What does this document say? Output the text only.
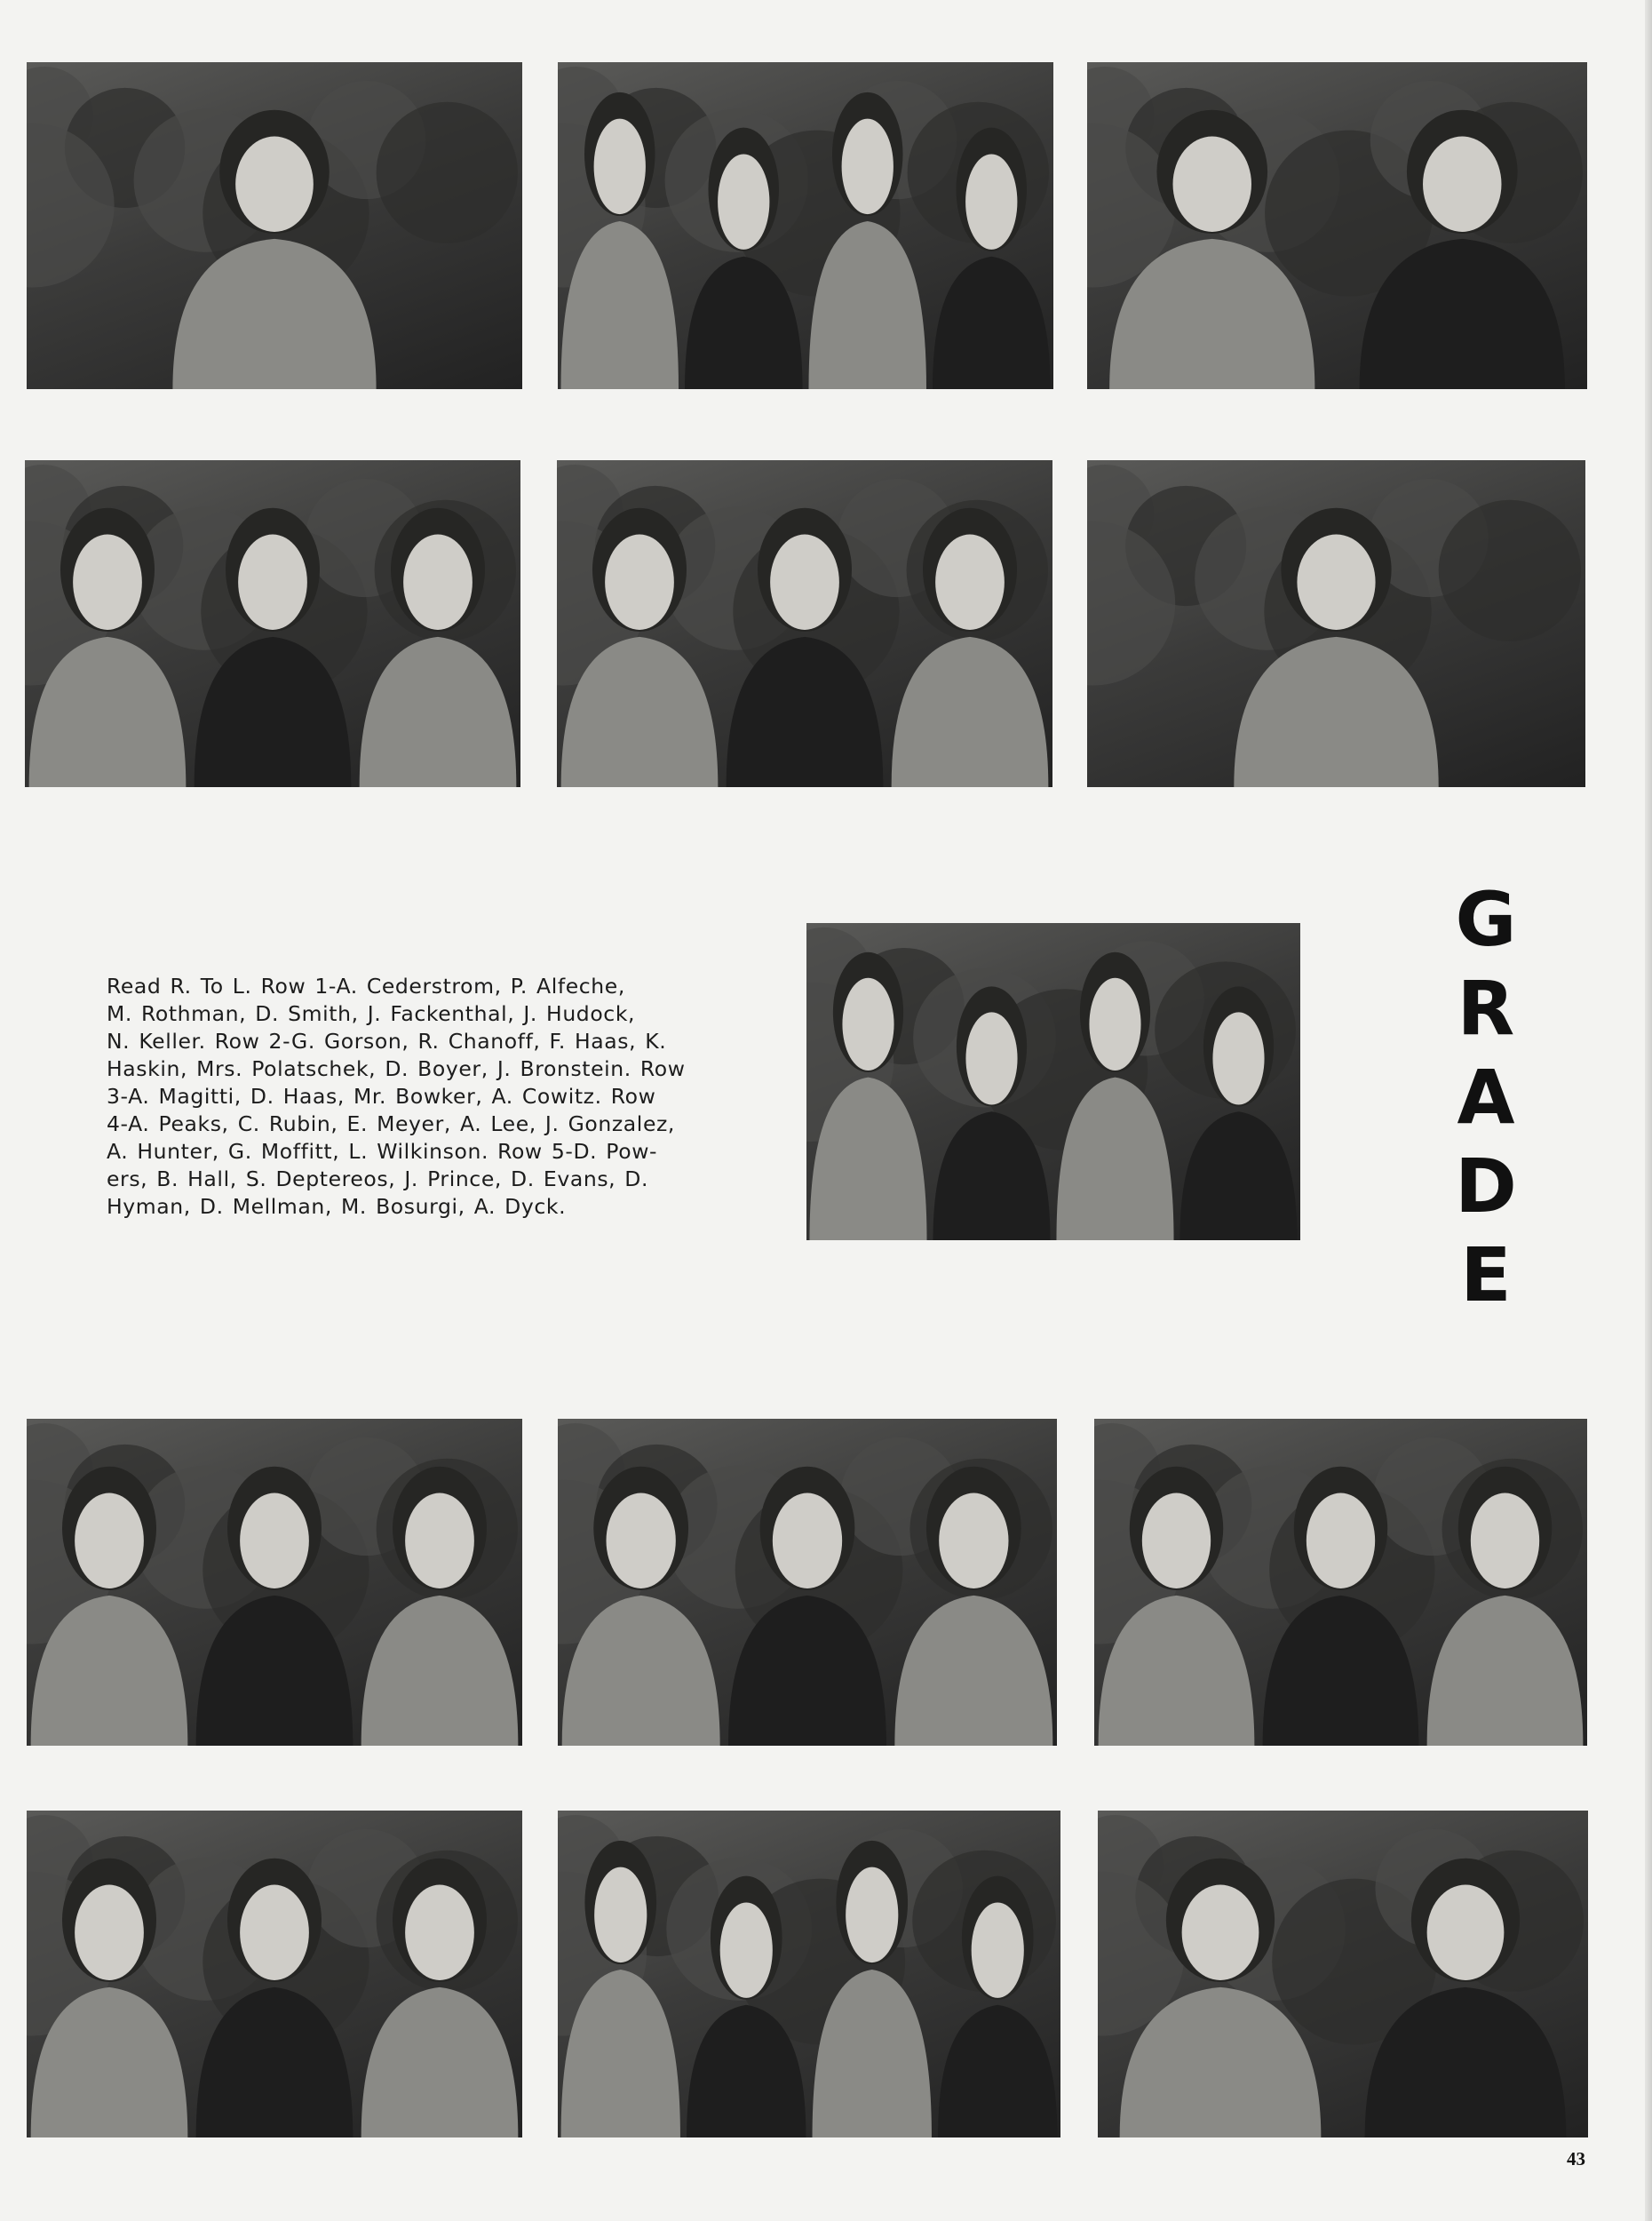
Read R. To L. Row 1-A. Cederstrom, P. Alfeche,
M. Rothman, D. Smith, J. Fackenthal, J. Hudock,
N. Keller. Row 2-G. Gorson, R. Chanoff, F. Haas, K.
Haskin, Mrs. Polatschek, D. Boyer, J. Bronstein. Row
3-A. Magitti, D. Haas, Mr. Bowker, A. Cowitz. Row
4-A. Peaks, C. Rubin, E. Meyer, A. Lee, J. Gonzalez,
A. Hunter, G. Moffitt, L. Wilkinson. Row 5-D. Pow-
ers, B. Hall, S. Deptereos, J. Prince, D. Evans, D.
Hyman, D. Mellman, M. Bosurgi, A. Dyck.
G
R
A
D
E
43
